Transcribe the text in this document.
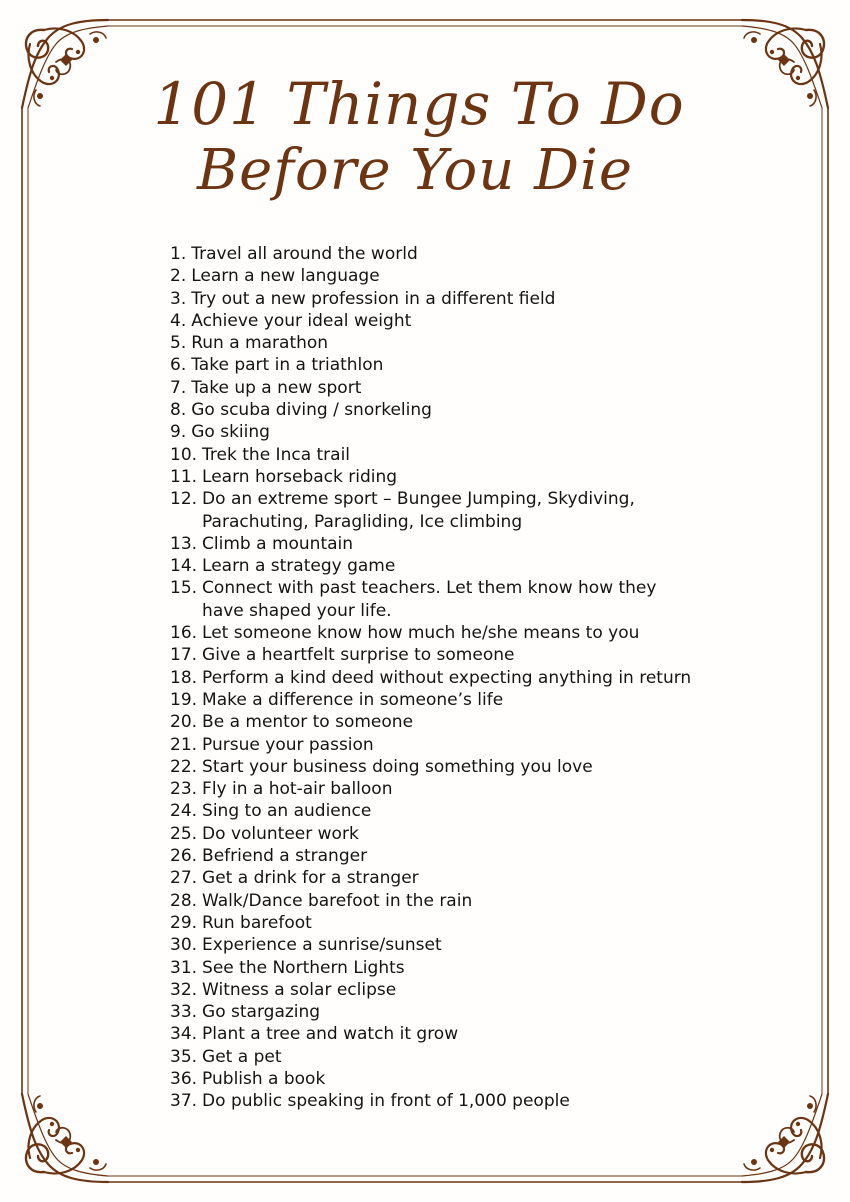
101 Things To Do
Before You Die
1. Travel all around the world
2. Learn a new language
3. Try out a new profession in a different field
4. Achieve your ideal weight
5. Run a marathon
6. Take part in a triathlon
7. Take up a new sport
8. Go scuba diving / snorkeling
9. Go skiing
10. Trek the Inca trail
11. Learn horseback riding
12. Do an extreme sport – Bungee Jumping, Skydiving,
Parachuting, Paragliding, Ice climbing
13. Climb a mountain
14. Learn a strategy game
15. Connect with past teachers. Let them know how they
have shaped your life.
16. Let someone know how much he/she means to you
17. Give a heartfelt surprise to someone
18. Perform a kind deed without expecting anything in return
19. Make a difference in someone’s life
20. Be a mentor to someone
21. Pursue your passion
22. Start your business doing something you love
23. Fly in a hot-air balloon
24. Sing to an audience
25. Do volunteer work
26. Befriend a stranger
27. Get a drink for a stranger
28. Walk/Dance barefoot in the rain
29. Run barefoot
30. Experience a sunrise/sunset
31. See the Northern Lights
32. Witness a solar eclipse
33. Go stargazing
34. Plant a tree and watch it grow
35. Get a pet
36. Publish a book
37. Do public speaking in front of 1,000 people
